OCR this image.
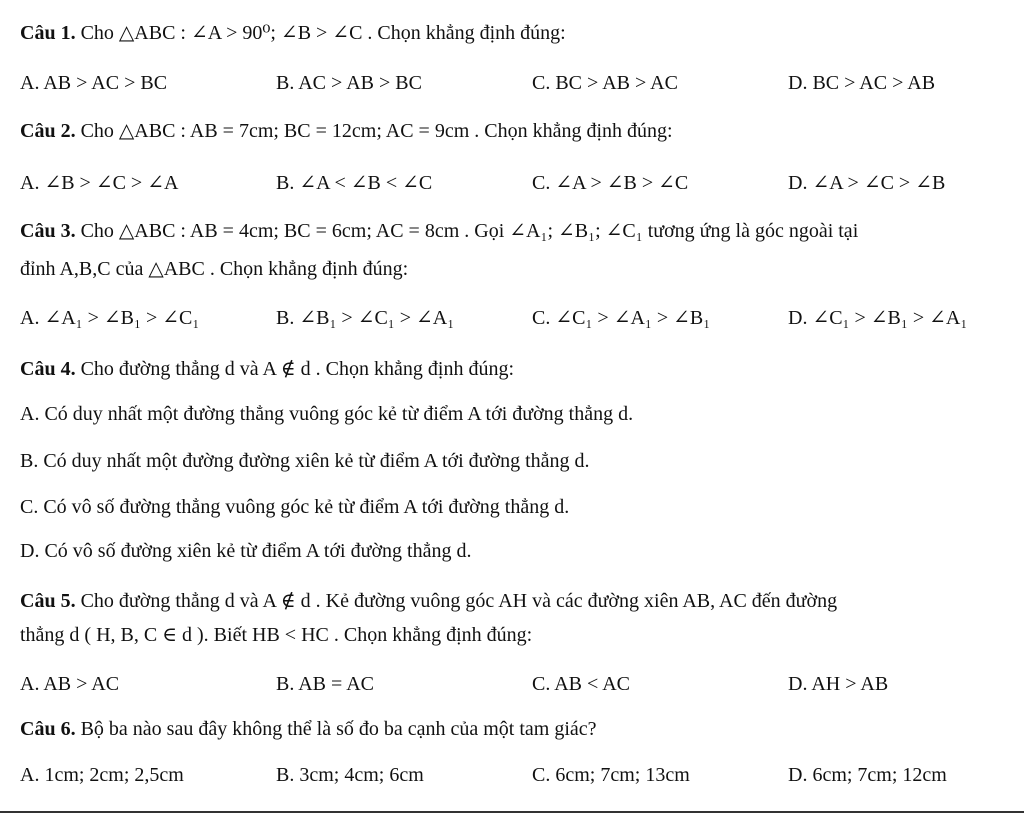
Câu 1. Cho △ABC : ∠A > 90⁰; ∠B > ∠C . Chọn khẳng định đúng:
A. AB > AC > BC	B. AC > AB > BC	C. BC > AB > AC	D. BC > AC > AB
Câu 2. Cho △ABC : AB = 7cm; BC = 12cm; AC = 9cm . Chọn khẳng định đúng:
A. ∠B > ∠C > ∠A	B. ∠A < ∠B < ∠C	C. ∠A > ∠B > ∠C	D. ∠A > ∠C > ∠B
Câu 3. Cho △ABC : AB = 4cm; BC = 6cm; AC = 8cm . Gọi ∠A₁; ∠B₁; ∠C₁ tương ứng là góc ngoài tại
đỉnh A,B,C của △ABC . Chọn khẳng định đúng:
A. ∠A₁ > ∠B₁ > ∠C₁	B. ∠B₁ > ∠C₁ > ∠A₁	C. ∠C₁ > ∠A₁ > ∠B₁	D. ∠C₁ > ∠B₁ > ∠A₁
Câu 4. Cho đường thẳng d và A ∉ d . Chọn khẳng định đúng:
A. Có duy nhất một đường thẳng vuông góc kẻ từ điểm A tới đường thẳng d.
B. Có duy nhất một đường đường xiên kẻ từ điểm A tới đường thẳng d.
C. Có vô số đường thẳng vuông góc kẻ từ điểm A tới đường thẳng d.
D. Có vô số đường xiên kẻ từ điểm A tới đường thẳng d.
Câu 5. Cho đường thẳng d và A ∉ d . Kẻ đường vuông góc AH và các đường xiên AB, AC đến đường
thẳng d ( H, B, C ∈ d ). Biết HB < HC . Chọn khẳng định đúng:
A. AB > AC	B. AB = AC	C. AB < AC	D. AH > AB
Câu 6. Bộ ba nào sau đây không thể là số đo ba cạnh của một tam giác?
A. 1cm; 2cm; 2,5cm	B. 3cm; 4cm; 6cm	C. 6cm; 7cm; 13cm	D. 6cm; 7cm; 12cm
